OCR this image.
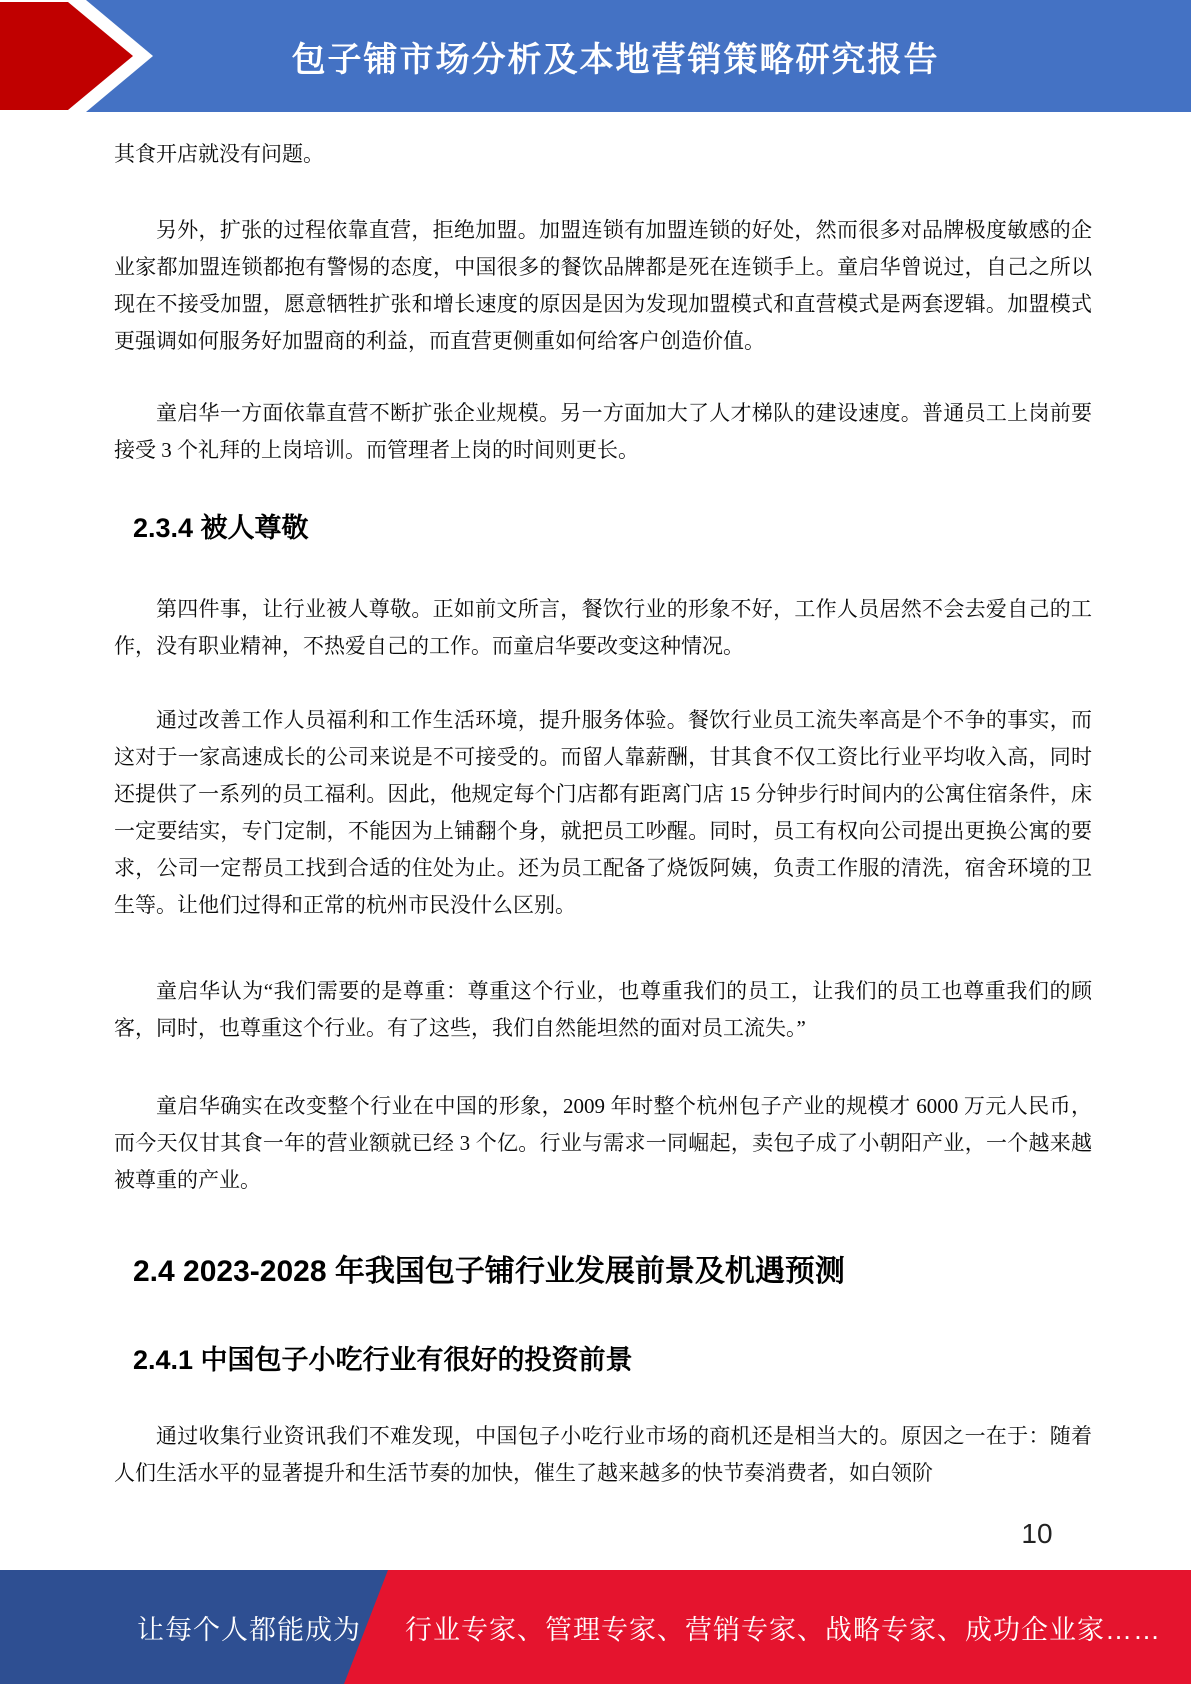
包子铺市场分析及本地营销策略研究报告
其食开店就没有问题。
另外，扩张的过程依靠直营，拒绝加盟。加盟连锁有加盟连锁的好处，然而很多对品牌极度敏感的企业家都加盟连锁都抱有警惕的态度，中国很多的餐饮品牌都是死在连锁手上。童启华曾说过，自己之所以现在不接受加盟，愿意牺牲扩张和增长速度的原因是因为发现加盟模式和直营模式是两套逻辑。加盟模式更强调如何服务好加盟商的利益，而直营更侧重如何给客户创造价值。
童启华一方面依靠直营不断扩张企业规模。另一方面加大了人才梯队的建设速度。普通员工上岗前要接受 3 个礼拜的上岗培训。而管理者上岗的时间则更长。
2.3.4 被人尊敬
第四件事，让行业被人尊敬。正如前文所言，餐饮行业的形象不好，工作人员居然不会去爱自己的工作，没有职业精神，不热爱自己的工作。而童启华要改变这种情况。
通过改善工作人员福利和工作生活环境，提升服务体验。餐饮行业员工流失率高是个不争的事实，而这对于一家高速成长的公司来说是不可接受的。而留人靠薪酬，甘其食不仅工资比行业平均收入高，同时还提供了一系列的员工福利。因此，他规定每个门店都有距离门店 15 分钟步行时间内的公寓住宿条件，床一定要结实，专门定制，不能因为上铺翻个身，就把员工吵醒。同时，员工有权向公司提出更换公寓的要求，公司一定帮员工找到合适的住处为止。还为员工配备了烧饭阿姨，负责工作服的清洗，宿舍环境的卫生等。让他们过得和正常的杭州市民没什么区别。
童启华认为“我们需要的是尊重：尊重这个行业，也尊重我们的员工，让我们的员工也尊重我们的顾客，同时，也尊重这个行业。有了这些，我们自然能坦然的面对员工流失。”
童启华确实在改变整个行业在中国的形象，2009 年时整个杭州包子产业的规模才 6000 万元人民币，而今天仅甘其食一年的营业额就已经 3 个亿。行业与需求一同崛起，卖包子成了小朝阳产业，一个越来越被尊重的产业。
2.4 2023-2028 年我国包子铺行业发展前景及机遇预测
2.4.1 中国包子小吃行业有很好的投资前景
通过收集行业资讯我们不难发现，中国包子小吃行业市场的商机还是相当大的。原因之一在于：随着人们生活水平的显著提升和生活节奏的加快，催生了越来越多的快节奏消费者，如白领阶
10
让每个人都能成为 行业专家、管理专家、营销专家、战略专家、成功企业家……
